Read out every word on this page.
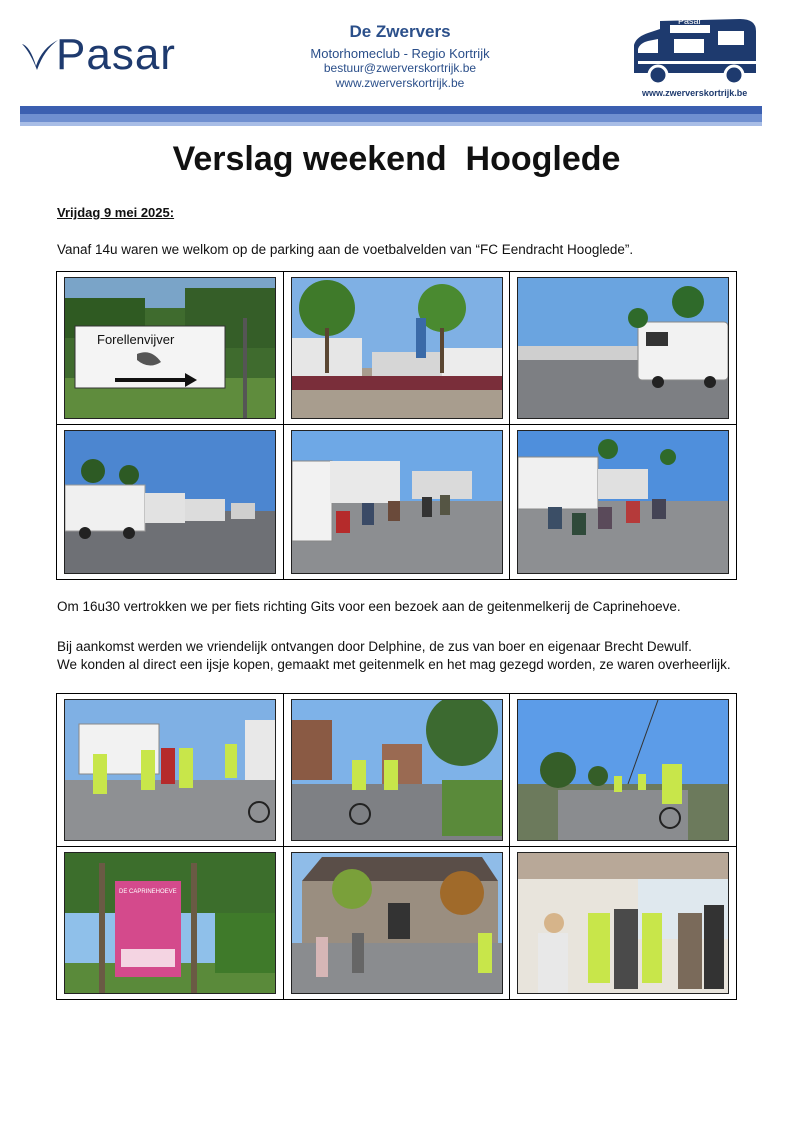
Pasar	De Zwervers
Motorhomeclub - Regio Kortrijk
bestuur@zwerverskortrijk.be
www.zwerverskortrijk.be
Pasar
www.zwerverskortrijk.be
Verslag weekend  Hooglede
Vrijdag 9 mei 2025:
Vanaf 14u waren we welkom op de parking aan de voetbalvelden van “FC Eendracht Hooglede”.
Forellenvijver

Om 16u30 vertrokken we per fiets richting Gits voor een bezoek aan de geitenmelkerij de Caprinehoeve.
Bij aankomst werden we vriendelijk ontvangen door Delphine, de zus van boer en eigenaar Brecht Dewulf.
We konden al direct een ijsje kopen, gemaakt met geitenmelk en het mag gezegd worden, ze waren overheerlijk.

DE CAPRINEHOEVE
